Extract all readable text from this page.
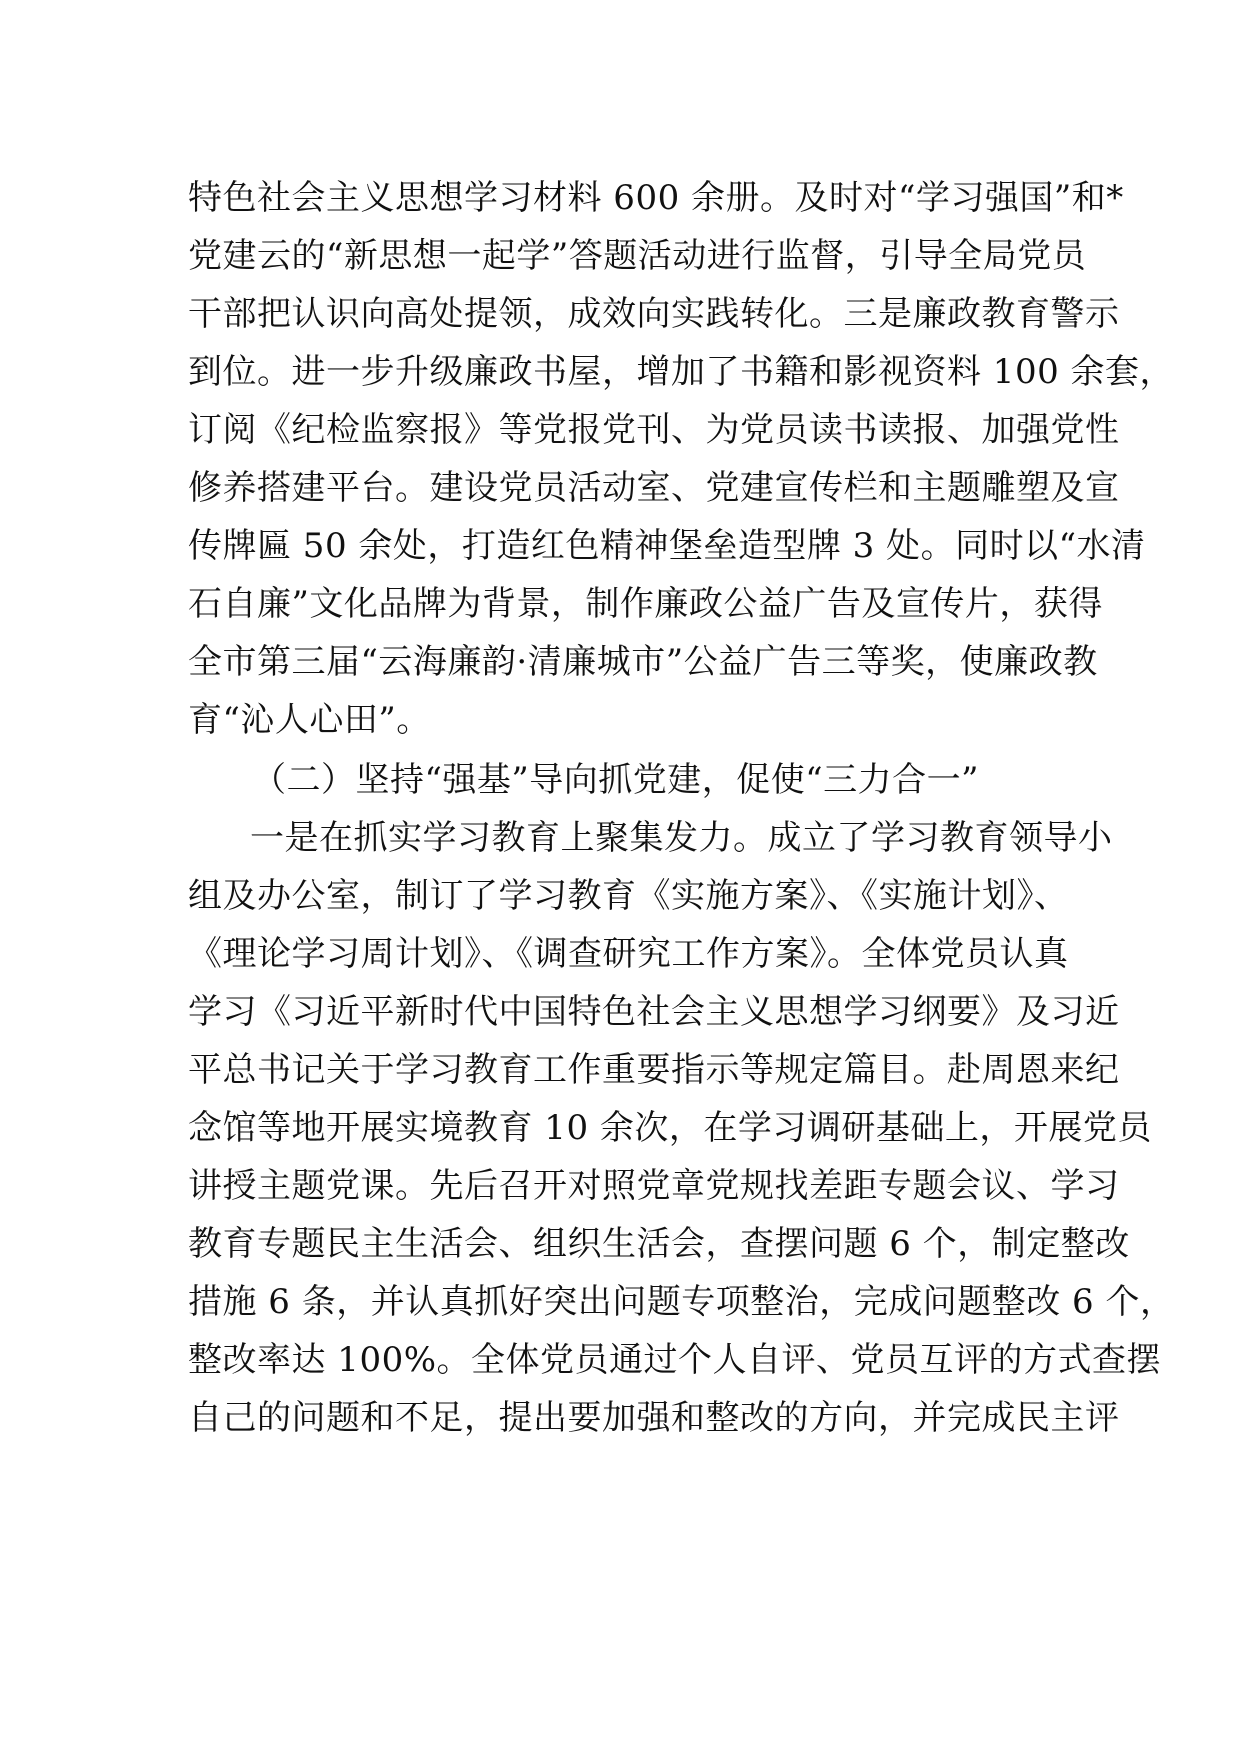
特色社会主义思想学习材料 600 余册。及时对“学习强国”和*
党建云的“新思想一起学”答题活动进行监督，引导全局党员
干部把认识向高处提领，成效向实践转化。三是廉政教育警示
到位。进一步升级廉政书屋，增加了书籍和影视资料 100 余套，
订阅《纪检监察报》等党报党刊、为党员读书读报、加强党性
修养搭建平台。建设党员活动室、党建宣传栏和主题雕塑及宣
传牌匾 50 余处，打造红色精神堡垒造型牌 3 处。同时以“水清
石自廉”文化品牌为背景，制作廉政公益广告及宣传片，获得
全市第三届“云海廉韵·清廉城市”公益广告三等奖，使廉政教
育“沁人心田”。
（二）坚持“强基”导向抓党建，促使“三力合一”
一是在抓实学习教育上聚集发力。成立了学习教育领导小
组及办公室，制订了学习教育《实施方案》、《实施计划》、
《理论学习周计划》、《调查研究工作方案》。全体党员认真
学习《习近平新时代中国特色社会主义思想学习纲要》及习近
平总书记关于学习教育工作重要指示等规定篇目。赴周恩来纪
念馆等地开展实境教育 10 余次，在学习调研基础上，开展党员
讲授主题党课。先后召开对照党章党规找差距专题会议、学习
教育专题民主生活会、组织生活会，查摆问题 6 个，制定整改
措施 6 条，并认真抓好突出问题专项整治，完成问题整改 6 个，
整改率达 100%。全体党员通过个人自评、党员互评的方式查摆
自己的问题和不足，提出要加强和整改的方向，并完成民主评
